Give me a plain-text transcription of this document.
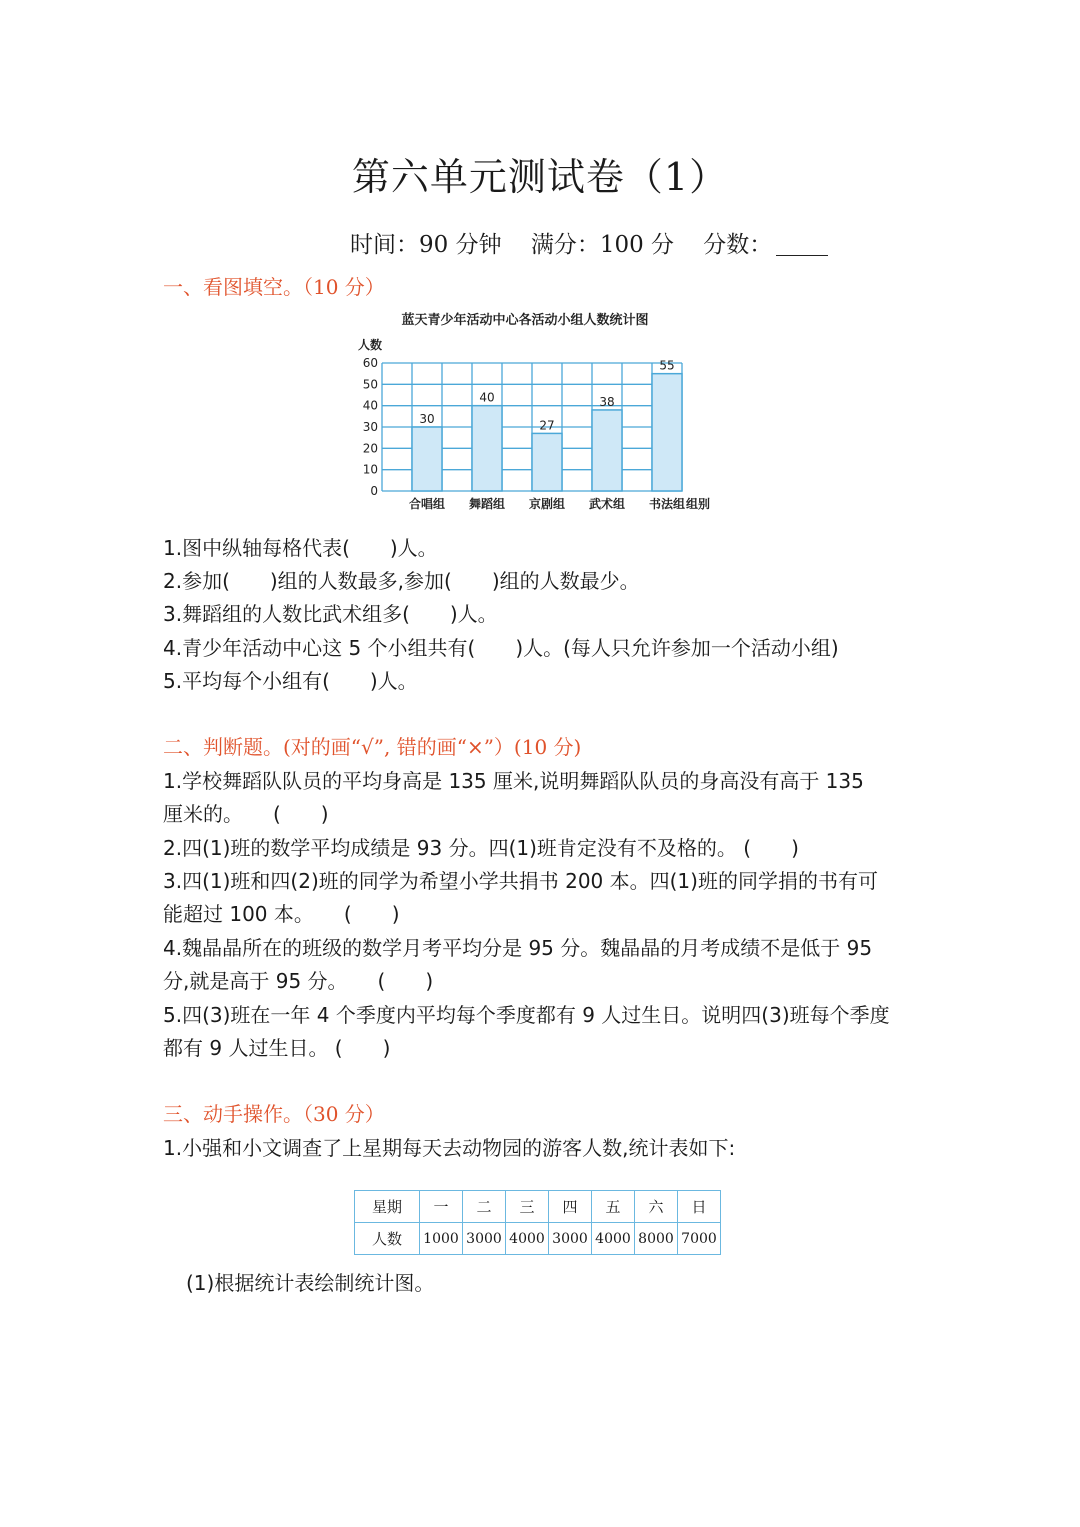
第六单元测试卷（1）
时间：90 分钟 满分：100 分 分数：
一、看图填空。（10 分）
蓝天青少年活动中心各活动小组人数统计图
人数
0
10
20
30
40
50
60
30
合唱组
40
舞蹈组
27
京剧组
38
武术组
55
书法组 组别
1.图中纵轴每格代表(　　)人。
2.参加(　　)组的人数最多,参加(　　)组的人数最少。
3.舞蹈组的人数比武术组多(　　)人。
4.青少年活动中心这 5 个小组共有(　　)人。(每人只允许参加一个活动小组)
5.平均每个小组有(　　)人。
二、判断题。(对的画“√”, 错的画“×”）(10 分)
1.学校舞蹈队队员的平均身高是 135 厘米,说明舞蹈队队员的身高没有高于 135
厘米的。　　(　　)
2.四(1)班的数学平均成绩是 93 分。四(1)班肯定没有不及格的。 (　　)
3.四(1)班和四(2)班的同学为希望小学共捐书 200 本。四(1)班的同学捐的书有可
能超过 100 本。　　(　　)
4.魏晶晶所在的班级的数学月考平均分是 95 分。魏晶晶的月考成绩不是低于 95
分,就是高于 95 分。　　(　　)
5.四(3)班在一年 4 个季度内平均每个季度都有 9 人过生日。说明四(3)班每个季度
都有 9 人过生日。 (　　)
三、动手操作。（30 分）
1.小强和小文调查了上星期每天去动物园的游客人数,统计表如下:
星期	一	二	三	四	五	六	日
人数	1000	3000	4000	3000	4000	8000	7000
(1)根据统计表绘制统计图。
